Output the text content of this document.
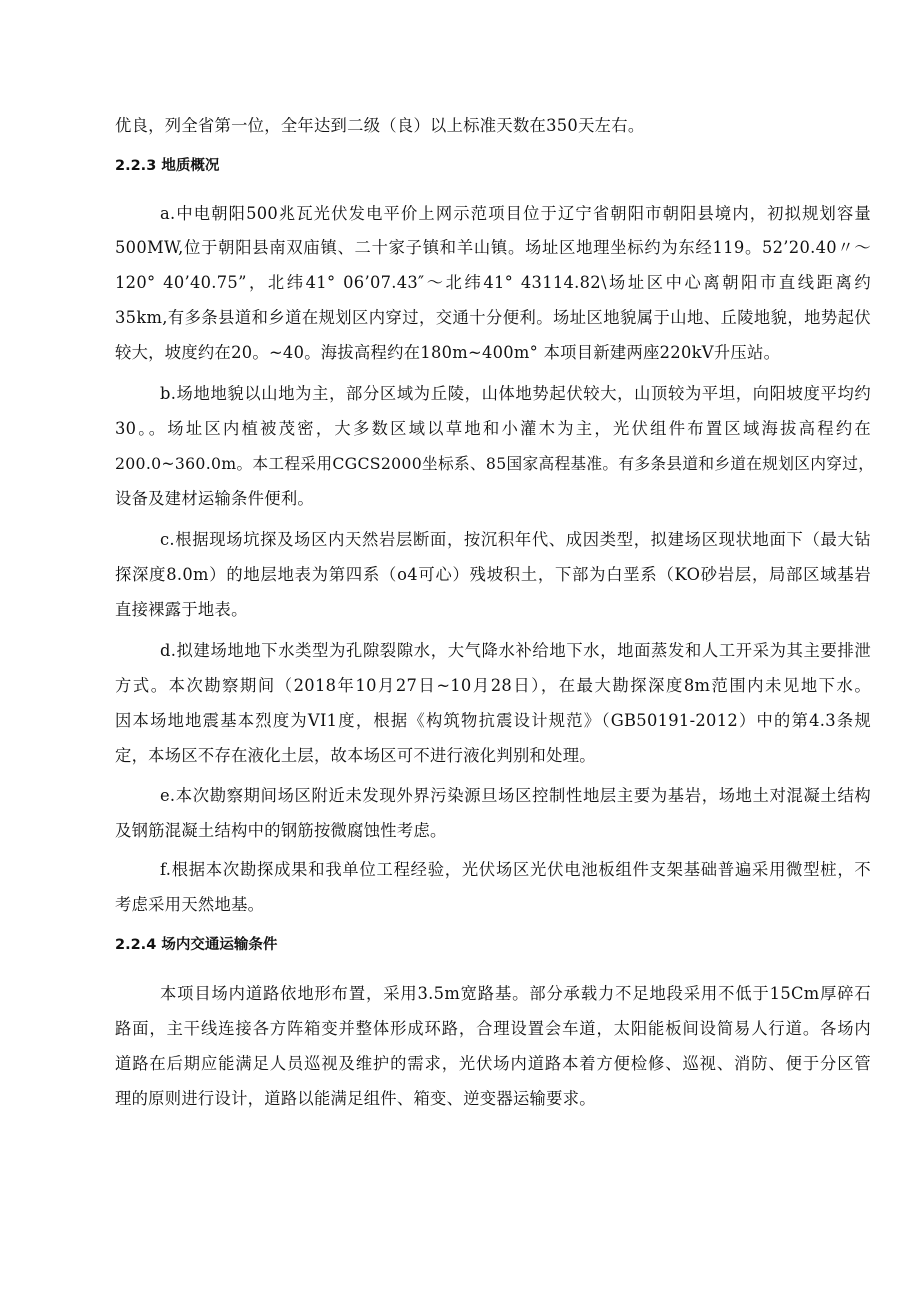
优良，列全省第一位，全年达到二级（良）以上标准天数在350天左右。
2.2.3 地质概况
a.中电朝阳500兆瓦光伏发电平价上网示范项目位于辽宁省朝阳市朝阳县境内，初拟规划容量
500MW,位于朝阳县南双庙镇、二十家子镇和羊山镇。场址区地理坐标约为东经119。52’20.40〃～
120° 40’40.75”，北纬41° 06’07.43″～北纬41° 43114.82\场址区中心离朝阳市直线距离约
35km,有多条县道和乡道在规划区内穿过，交通十分便利。场址区地貌属于山地、丘陵地貌，地势起伏
较大，坡度约在20。~40。海拔高程约在180m~400m° 本项目新建两座220kV升压站。
b.场地地貌以山地为主，部分区域为丘陵，山体地势起伏较大，山顶较为平坦，向阳坡度平均约
30。。场址区内植被茂密，大多数区域以草地和小灌木为主，光伏组件布置区域海拔高程约在
200.0~360.0m。本工程采用CGCS2000坐标系、85国家高程基准。有多条县道和乡道在规划区内穿过，
设备及建材运输条件便利。
c.根据现场坑探及场区内天然岩层断面，按沉积年代、成因类型，拟建场区现状地面下（最大钻
探深度8.0m）的地层地表为第四系（o4可心）残坡积土，下部为白垩系（KO砂岩层，局部区域基岩
直接裸露于地表。
d.拟建场地地下水类型为孔隙裂隙水，大气降水补给地下水，地面蒸发和人工开采为其主要排泄
方式。本次勘察期间（2018年10月27日~10月28日），在最大勘探深度8m范围内未见地下水。
因本场地地震基本烈度为VI1度，根据《构筑物抗震设计规范》（GB50191-2012）中的第4.3条规
定，本场区不存在液化土层，故本场区可不进行液化判别和处理。
e.本次勘察期间场区附近未发现外界污染源旦场区控制性地层主要为基岩，场地土对混凝土结构
及钢筋混凝土结构中的钢筋按微腐蚀性考虑。
f.根据本次勘探成果和我单位工程经验，光伏场区光伏电池板组件支架基础普遍采用微型桩，不
考虑采用天然地基。
2.2.4 场内交通运输条件
本项目场内道路依地形布置，采用3.5m宽路基。部分承载力不足地段采用不低于15Cm厚碎石
路面，主干线连接各方阵箱变并整体形成环路，合理设置会车道，太阳能板间设简易人行道。各场内
道路在后期应能满足人员巡视及维护的需求，光伏场内道路本着方便检修、巡视、消防、便于分区管
理的原则进行设计，道路以能满足组件、箱变、逆变器运输要求。
